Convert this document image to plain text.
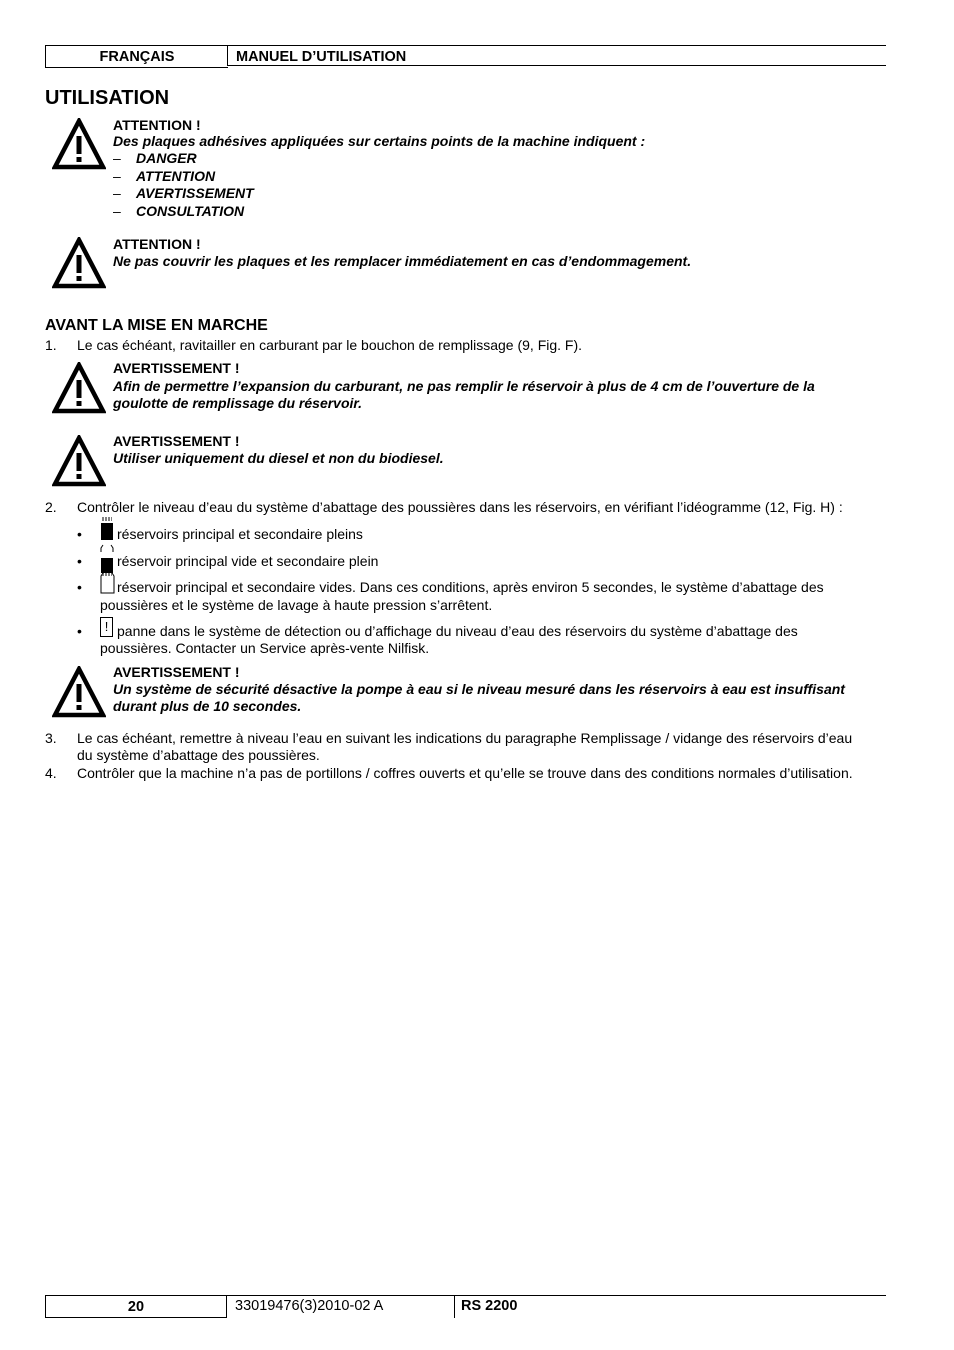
FRANÇAIS	MANUEL D’UTILISATION
UTILISATION
ATTENTION !
Des plaques adhésives appliquées sur certains points de la machine indiquent :
– DANGER
– ATTENTION
– AVERTISSEMENT
– CONSULTATION
ATTENTION !
Ne pas couvrir les plaques et les remplacer immédiatement en cas d’endommagement.
AVANT LA MISE EN MARCHE
1. Le cas échéant, ravitailler en carburant par le bouchon de remplissage (9, Fig. F).
AVERTISSEMENT !
Afin de permettre l’expansion du carburant, ne pas remplir le réservoir à plus de 4 cm de l’ouverture de la
goulotte de remplissage du réservoir.
AVERTISSEMENT !
Utiliser uniquement du diesel et non du biodiesel.
2. Contrôler le niveau d’eau du système d’abattage des poussières dans les réservoirs, en vérifiant l’idéogramme (12, Fig. H) :
•	réservoirs principal et secondaire pleins
•	réservoir principal vide et secondaire plein
•	réservoir principal et secondaire vides. Dans ces conditions, après environ 5 secondes, le système d’abattage des
poussières et le système de lavage à haute pression s’arrêtent.
•	! panne dans le système de détection ou d’affichage du niveau d’eau des réservoirs du système d’abattage des
poussières. Contacter un Service après-vente Nilfisk.
AVERTISSEMENT !
Un système de sécurité désactive la pompe à eau si le niveau mesuré dans les réservoirs à eau est insuffisant
durant plus de 10 secondes.
3. Le cas échéant, remettre à niveau l’eau en suivant les indications du paragraphe Remplissage / vidange des réservoirs d’eau
du système d’abattage des poussières.
4. Contrôler que la machine n’a pas de portillons / coffres ouverts et qu’elle se trouve dans des conditions normales d’utilisation.
20	33019476(3)2010-02 A	RS 2200
